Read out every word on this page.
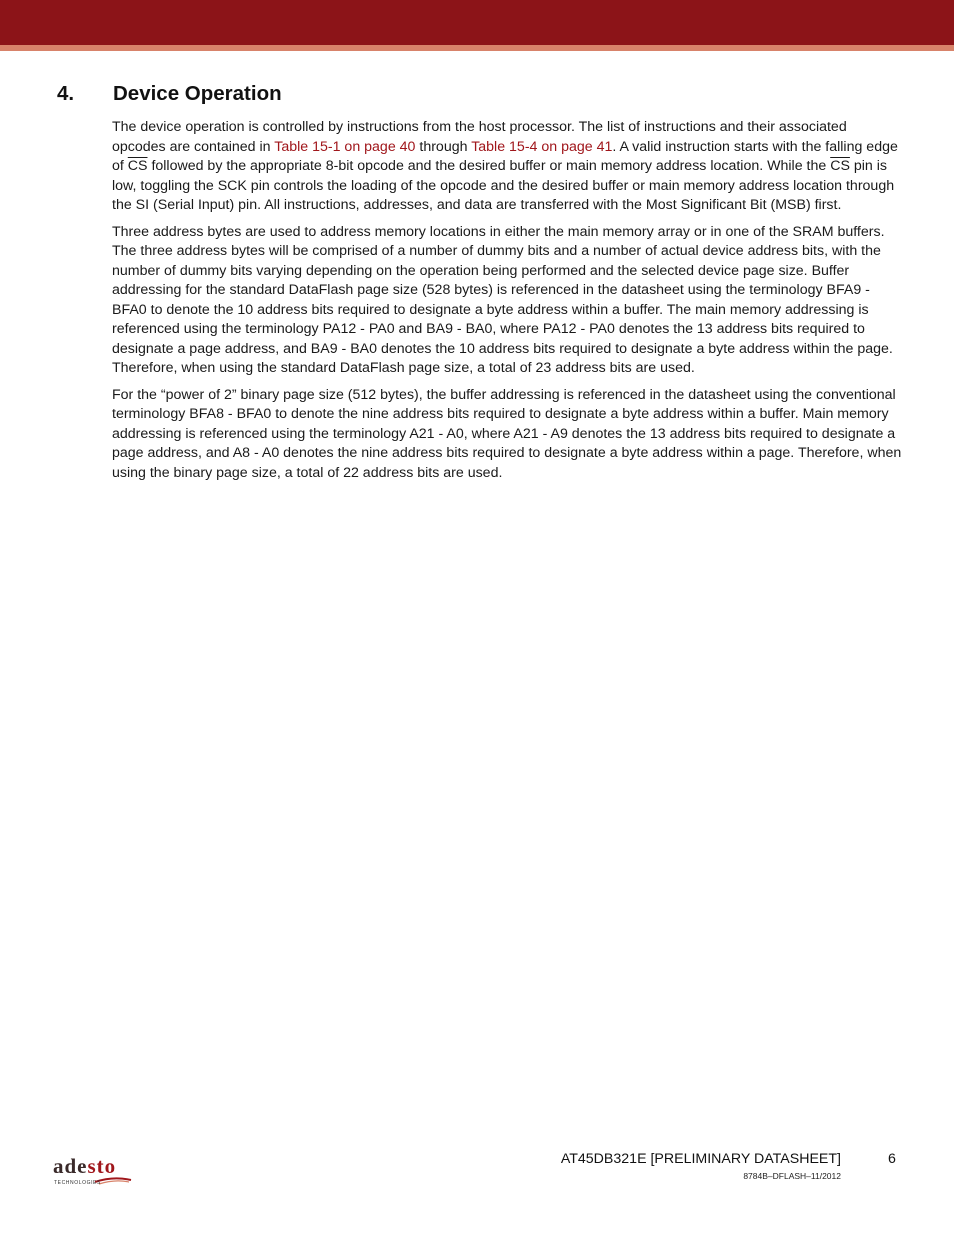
4. Device Operation

The device operation is controlled by instructions from the host processor. The list of instructions and their associated opcodes are contained in Table 15-1 on page 40 through Table 15-4 on page 41. A valid instruction starts with the falling edge of $\overline{CS}$ followed by the appropriate 8-bit opcode and the desired buffer or main memory address location. While the $\overline{CS}$ pin is low, toggling the SCK pin controls the loading of the opcode and the desired buffer or main memory address location through the SI (Serial Input) pin. All instructions, addresses, and data are transferred with the Most Significant Bit (MSB) first.

Three address bytes are used to address memory locations in either the main memory array or in one of the SRAM buffers. The three address bytes will be comprised of a number of dummy bits and a number of actual device address bits, with the number of dummy bits varying depending on the operation being performed and the selected device page size. Buffer addressing for the standard DataFlash page size (528 bytes) is referenced in the datasheet using the terminology BFA9 - BFA0 to denote the 10 address bits required to designate a byte address within a buffer. The main memory addressing is referenced using the terminology PA12 - PA0 and BA9 - BA0, where PA12 - PA0 denotes the 13 address bits required to designate a page address, and BA9 - BA0 denotes the 10 address bits required to designate a byte address within the page. Therefore, when using the standard DataFlash page size, a total of 23 address bits are used.

For the “power of 2” binary page size (512 bytes), the buffer addressing is referenced in the datasheet using the conventional terminology BFA8 - BFA0 to denote the nine address bits required to designate a byte address within a buffer. Main memory addressing is referenced using the terminology A21 - A0, where A21 - A9 denotes the 13 address bits required to designate a page address, and A8 - A0 denotes the nine address bits required to designate a byte address within a page. Therefore, when using the binary page size, a total of 22 address bits are used.

adesto
TECHNOLOGIES
AT45DB321E [PRELIMINARY DATASHEET]	6
8784B–DFLASH–11/2012
